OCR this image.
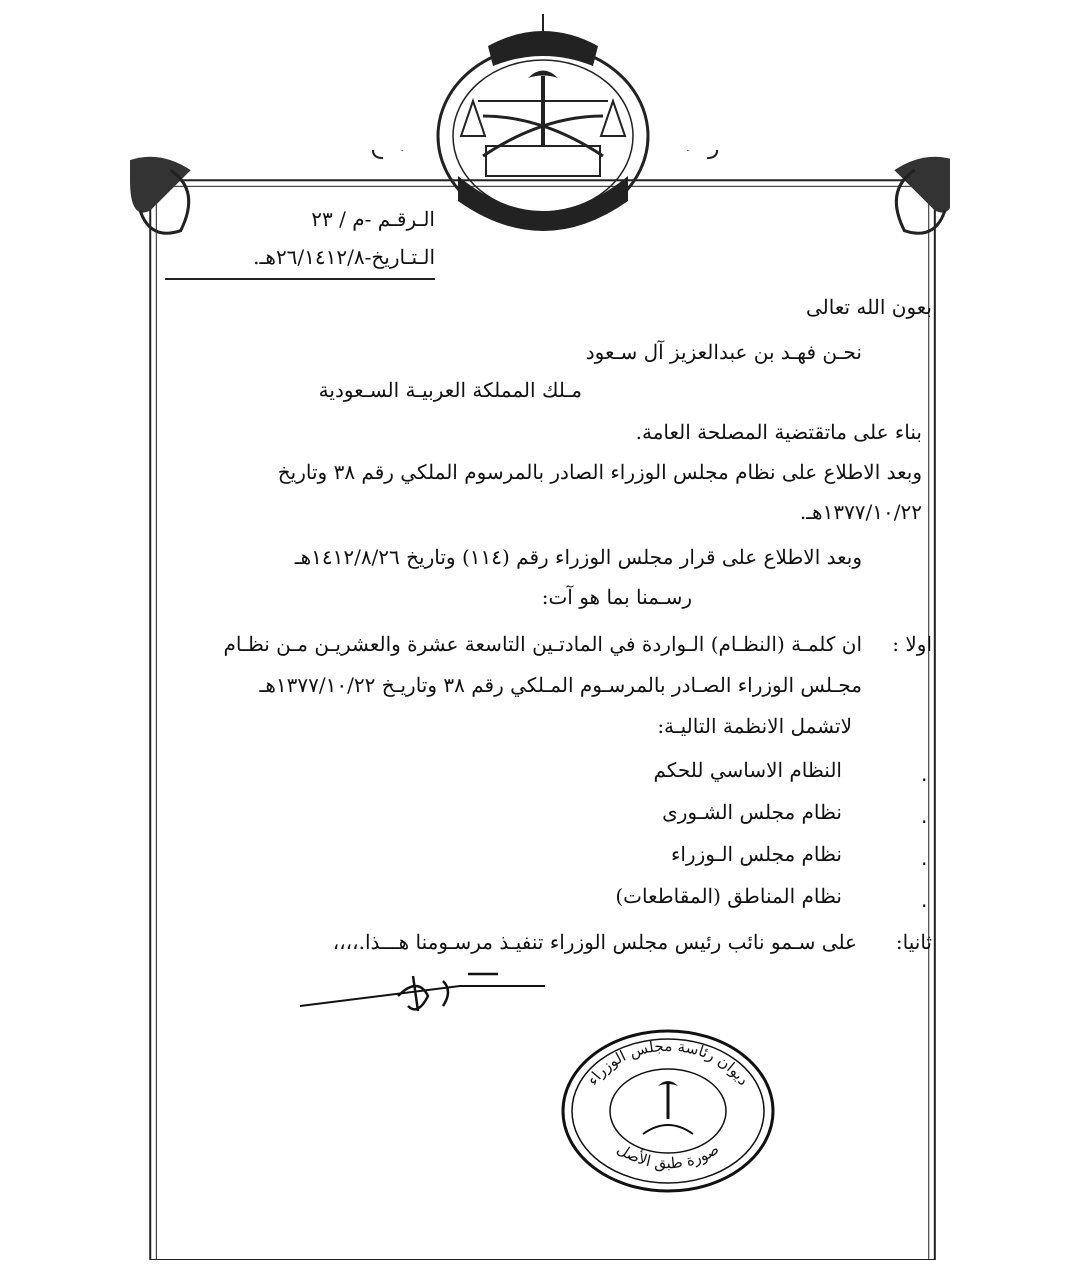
الـرقـم -م / ٢٣
الـتـاريخ-٢٦/١٤١٢/٨هـ.
بعون الله تعالى
نحـن فهـد بن عبدالعزيز آل سـعود
مـلك المملكة العربيـة السـعودية
بناء على ماتقتضية المصلحة العامة.
وبعد الاطلاع على نظام مجلس الوزراء الصادر بالمرسوم الملكي رقم ٣٨ وتاريخ
١٣٧٧/١٠/٢٢هـ.
وبعد الاطلاع على قرار مجلس الوزراء رقم (١١٤) وتاريخ ١٤١٢/٨/٢٦هـ
رسـمنا بما هو آت:
اولا :
ان كلمـة (النظـام) الـواردة في المادتـين التاسعة عشرة والعشريـن مـن نظـام
مجـلس الوزراء الصـادر بالمرسـوم المـلكي رقم ٣٨ وتاريـخ ١٣٧٧/١٠/٢٢هـ
لاتشمل الانظمة التاليـة:
النظام الاساسي للحكم
نظام مجلس الشـورى
نظام مجلس الـوزراء
نظام المناطق (المقاطعات)
ثانيا:
على سـمو نائب رئيس مجلس الوزراء تنفيـذ مرسـومنا هـــذا.،،،،
.
.
.
.
ديوان رئاسة مجلس الوزراء
صورة طبق الأصل
